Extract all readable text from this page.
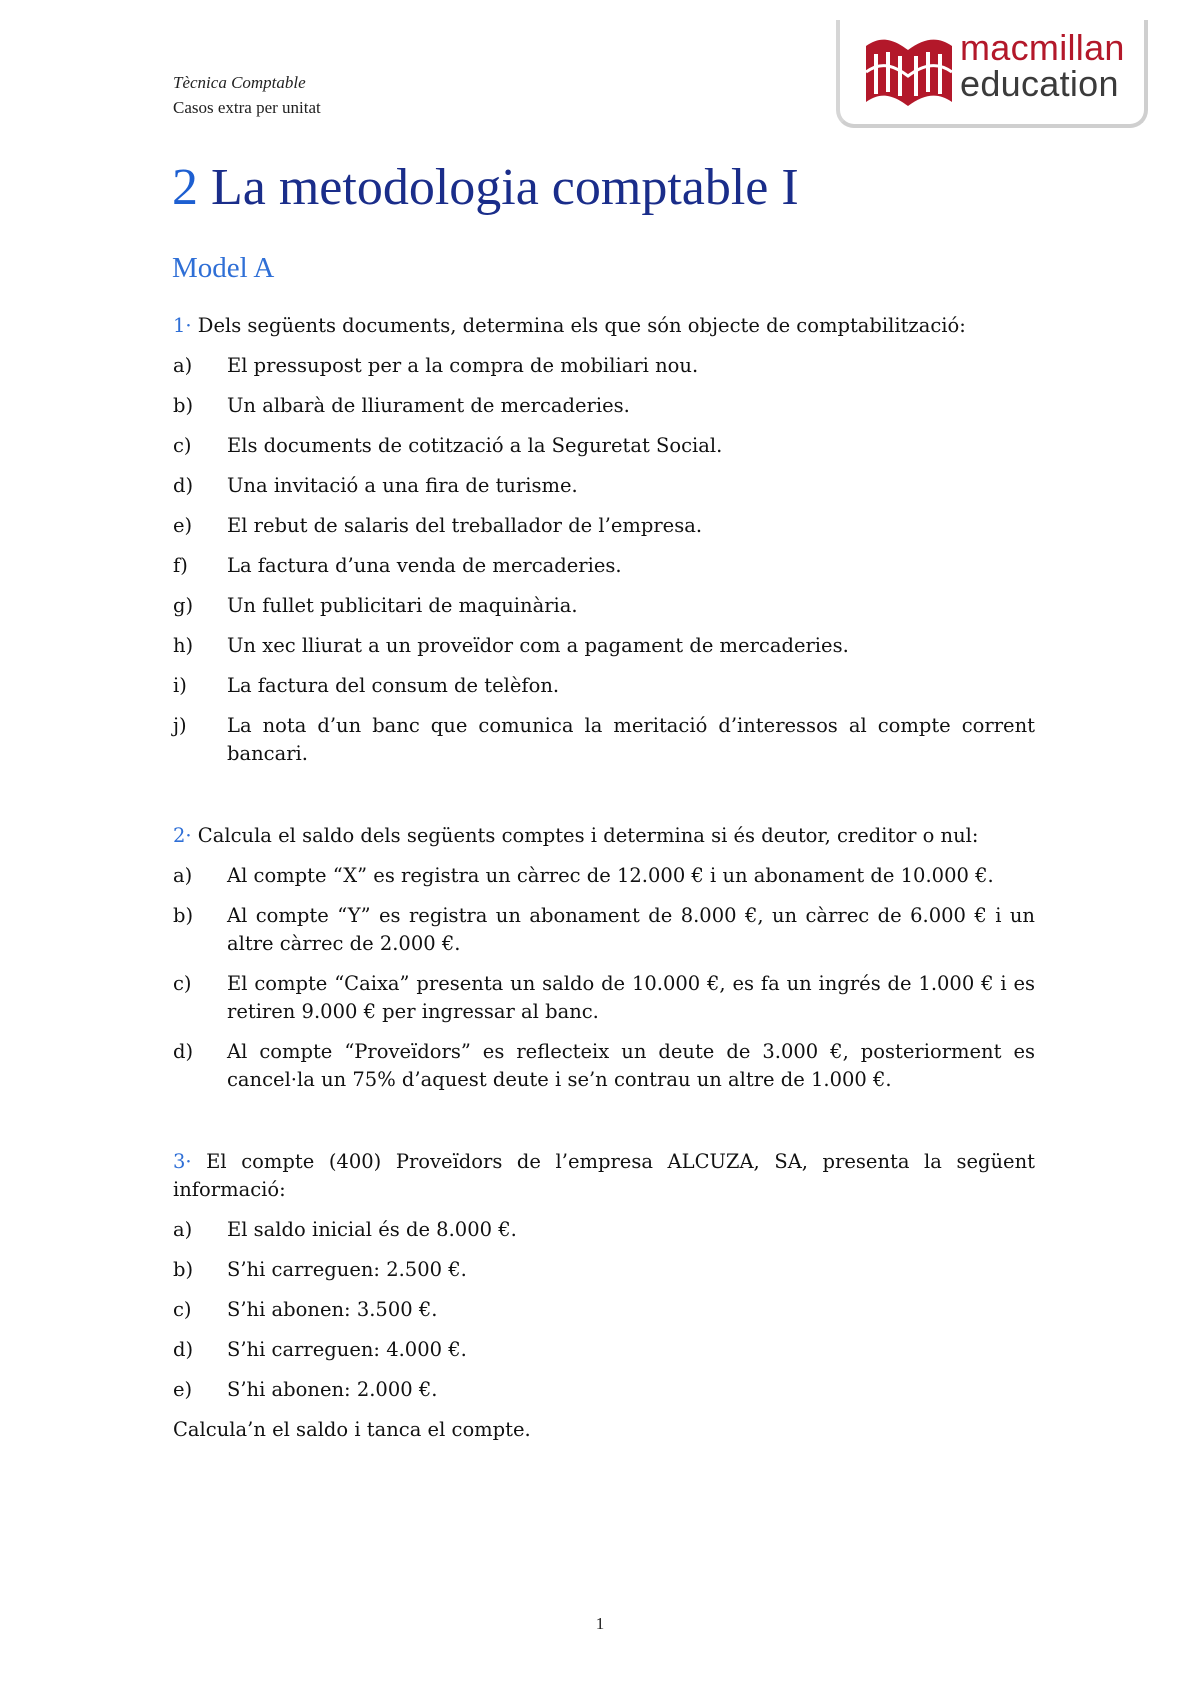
Tècnica Comptable
Casos extra per unitat
macmillan
education
2 La metodologia comptable I
Model A

1· Dels següents documents, determina els que són objecte de comptabilització:

a)	El pressupost per a la compra de mobiliari nou.
b)	Un albarà de lliurament de mercaderies.
c)	Els documents de cotització a la Seguretat Social.
d)	Una invitació a una fira de turisme.
e)	El rebut de salaris del treballador de l’empresa.
f)	La factura d’una venda de mercaderies.
g)	Un fullet publicitari de maquinària.
h)	Un xec lliurat a un proveïdor com a pagament de mercaderies.
i)	La factura del consum de telèfon.
j)	La nota d’un banc que comunica la meritació d’interessos al compte corrent bancari.

2· Calcula el saldo dels següents comptes i determina si és deutor, creditor o nul:

a)	Al compte “X” es registra un càrrec de 12.000 € i un abonament de 10.000 €.
b)	Al compte “Y” es registra un abonament de 8.000 €, un càrrec de 6.000 € i un altre càrrec de 2.000 €.
c)	El compte “Caixa” presenta un saldo de 10.000 €, es fa un ingrés de 1.000 € i es retiren 9.000 € per ingressar al banc.
d)	Al compte “Proveïdors” es reflecteix un deute de 3.000 €, posteriorment es cancel·la un 75% d’aquest deute i se’n contrau un altre de 1.000 €.

3· El compte (400) Proveïdors de l’empresa ALCUZA, SA, presenta la següent informació:

a)	El saldo inicial és de 8.000 €.
b)	S’hi carreguen: 2.500 €.
c)	S’hi abonen: 3.500 €.
d)	S’hi carreguen: 4.000 €.
e)	S’hi abonen: 2.000 €.

Calcula’n el saldo i tanca el compte.

1
